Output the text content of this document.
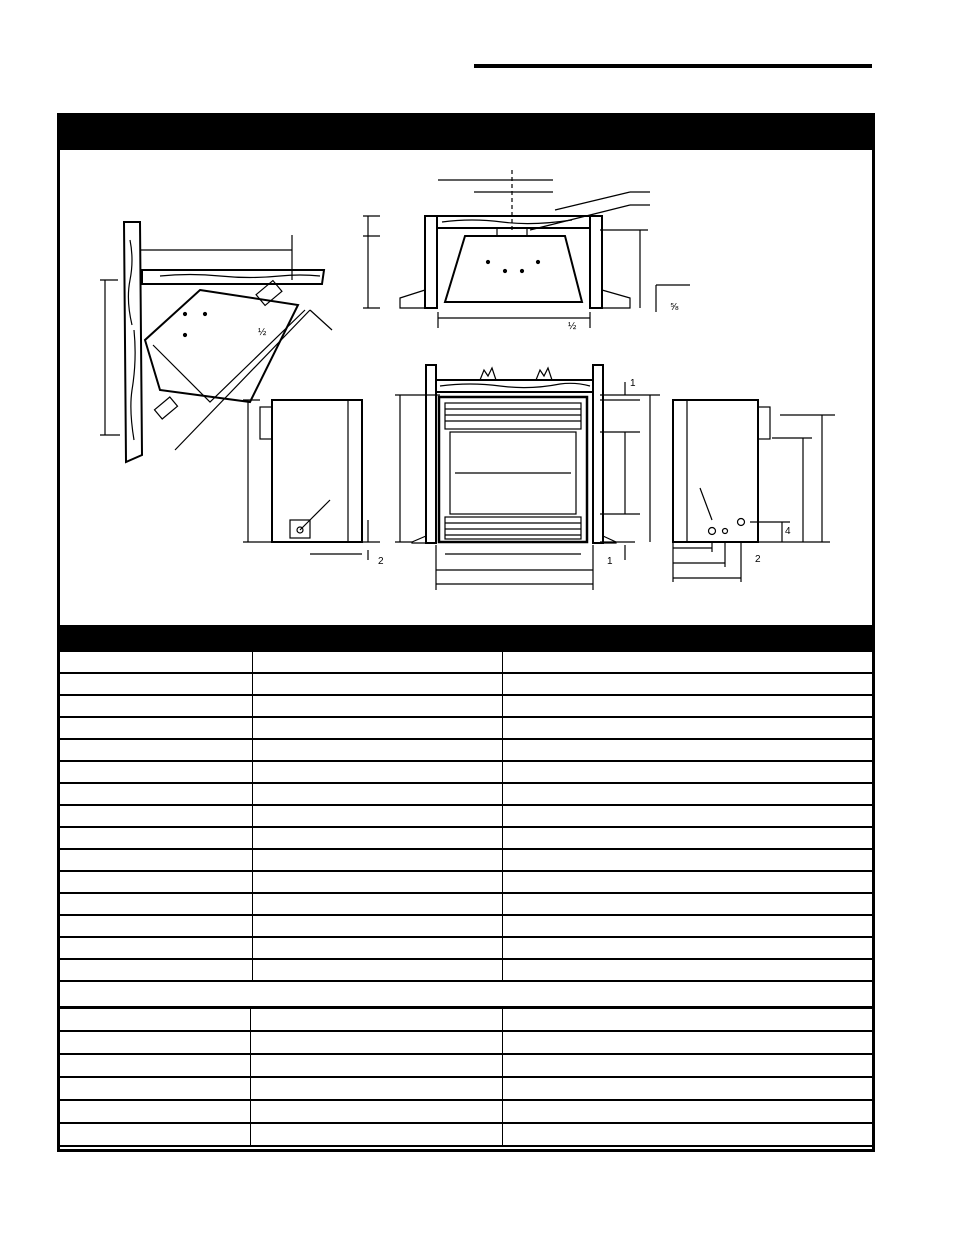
½
⅝
½
1
1
2	2
4
